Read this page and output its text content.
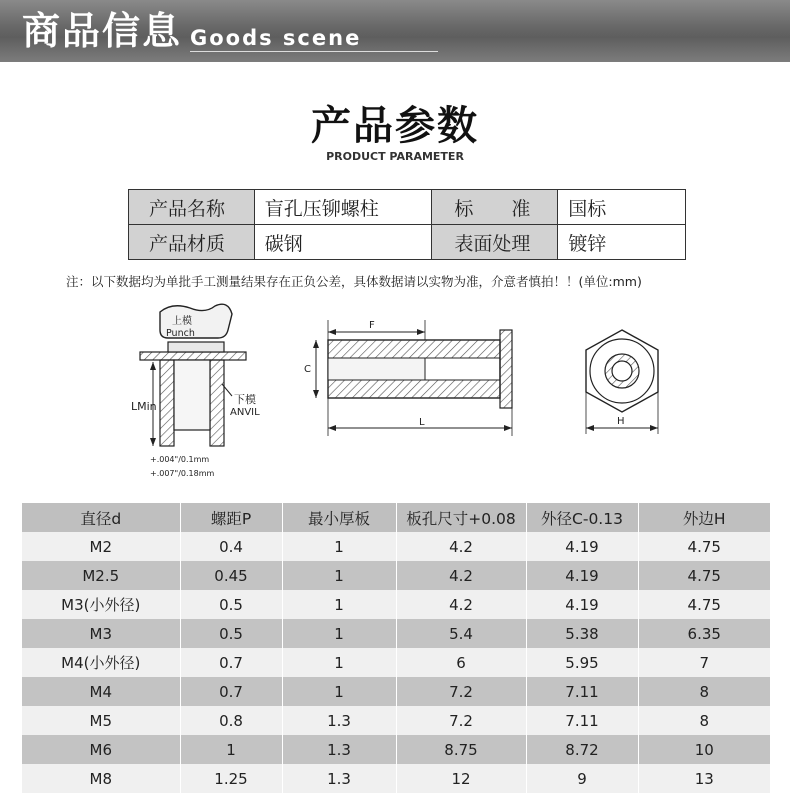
商品信息 Goods scene
产品参数
PRODUCT PARAMETER
产品名称	盲孔压铆螺柱	标　　准	国标
产品材质	碳钢	表面处理	镀锌
注：以下数据均为单批手工测量结果存在正负公差，具体数据请以实物为准，介意者慎拍！！(单位:mm)
上模
Punch
LMin
下模
ANVIL
+.004"/0.1mm
+.007"/0.18mm
F
C
L	H
直径d	螺距P	最小厚板	板孔尺寸+0.08	外径C-0.13	外边H
M2	0.4	1	4.2	4.19	4.75
M2.5	0.45	1	4.2	4.19	4.75
M3(小外径)	0.5	1	4.2	4.19	4.75
M3	0.5	1	5.4	5.38	6.35
M4(小外径)	0.7	1	6	5.95	7
M4	0.7	1	7.2	7.11	8
M5	0.8	1.3	7.2	7.11	8
M6	1	1.3	8.75	8.72	10
M8	1.25	1.3	12	9	13
